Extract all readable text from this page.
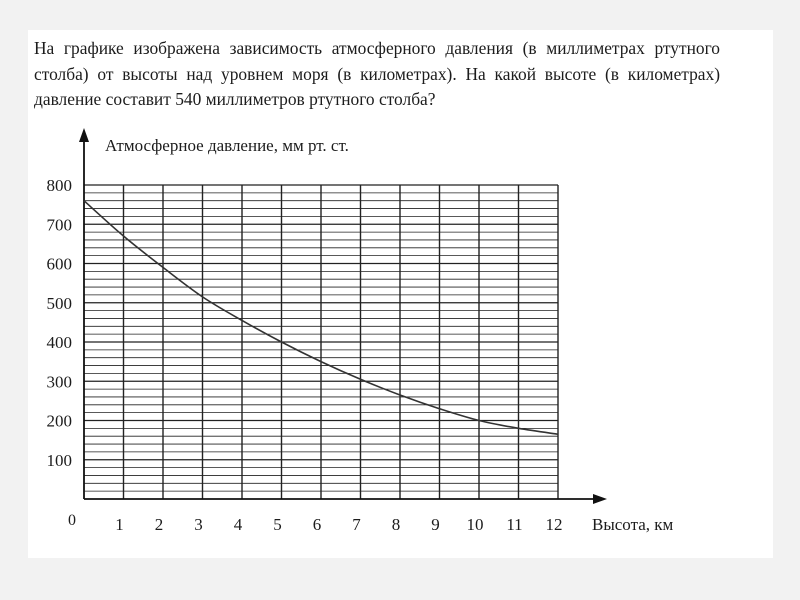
На графике изображена зависимость атмосферного давления (в миллиметрах ртутного столба) от высоты над уровнем моря (в километрах). На какой высоте (в километрах) давление составит 540 миллиметров ртутного столба?

100
200
300
400
500
600
700
800
1 2 3 4 5 6 7 8 9 10 11 12
Атмосферное давление, мм рт. ст.
Высота, км
0
